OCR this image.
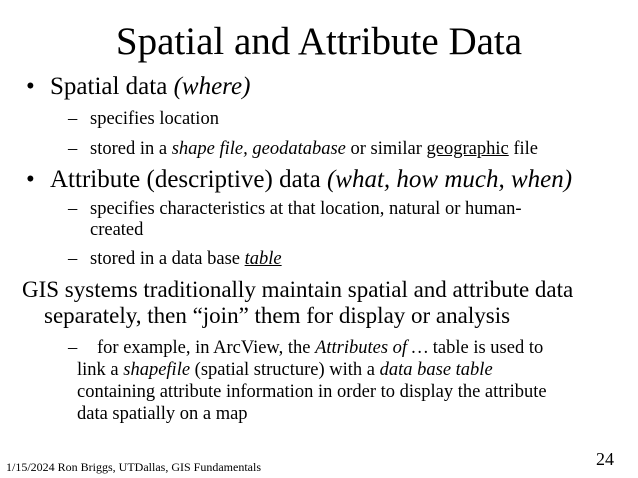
Spatial and Attribute Data
• Spatial data (where)
– specifies location
– stored in a shape file, geodatabase or similar geographic file
• Attribute (descriptive) data (what, how much, when)
– specifies characteristics at that location, natural or human-
created
– stored in a data base table
GIS systems traditionally maintain spatial and attribute data
separately, then “join” them for display or analysis
– for example, in ArcView, the Attributes of … table is used to
link a shapefile (spatial structure) with a data base table
containing attribute information in order to display the attribute
data spatially on a map
1/15/2024 Ron Briggs, UTDallas, GIS Fundamentals	24
